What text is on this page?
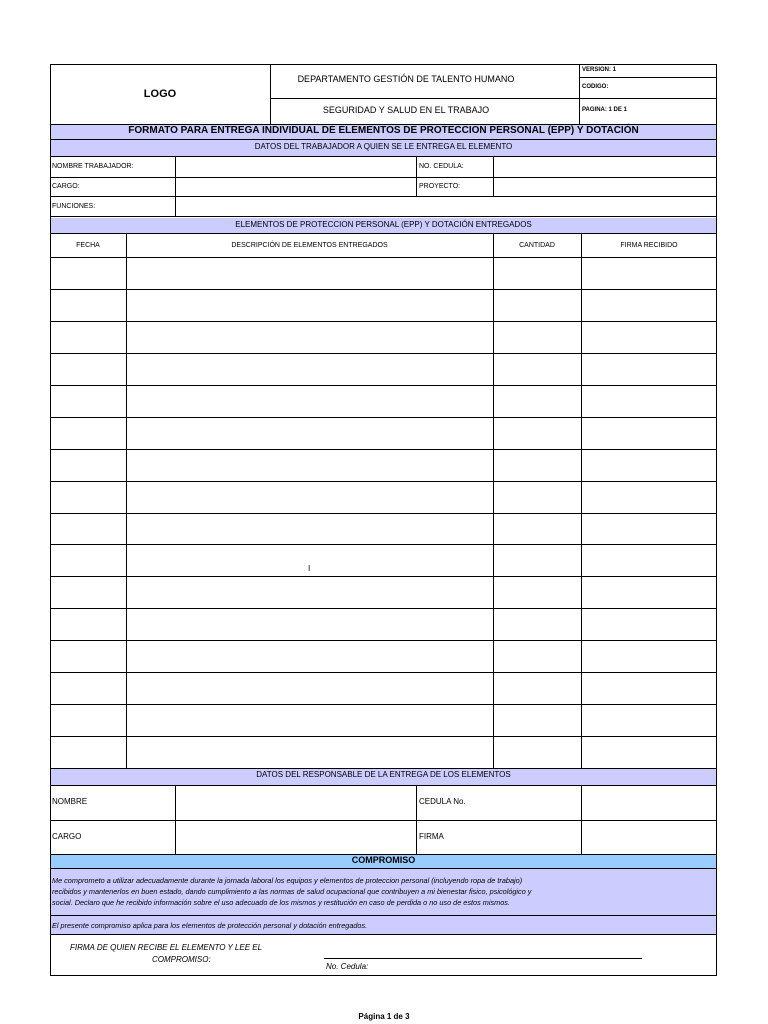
LOGO
DEPARTAMENTO GESTIÓN DE TALENTO HUMANO
SEGURIDAD Y SALUD EN EL TRABAJO
VERSION: 1
CODIGO:
PAGINA: 1 DE 1
FORMATO PARA ENTREGA INDIVIDUAL DE ELEMENTOS DE PROTECCION PERSONAL (EPP) Y DOTACIÓN
DATOS DEL TRABAJADOR A QUIEN SE LE ENTREGA EL ELEMENTO
NOMBRE TRABAJADOR:	NO. CEDULA:
CARGO:	PROYECTO:
FUNCIONES:
ELEMENTOS DE PROTECCION PERSONAL (EPP) Y DOTACIÓN ENTREGADOS
FECHA	DESCRIPCIÓN DE ELEMENTOS ENTREGADOS	CANTIDAD	FIRMA RECIBIDO
I
DATOS DEL RESPONSABLE DE LA ENTREGA DE LOS ELEMENTOS
NOMBRE	CEDULA No.
CARGO	FIRMA
COMPROMISO
Me comprometo a utilizar adecuadamente durante la jornada laboral los equipos y elementos de proteccion personal (incluyendo ropa de trabajo)
recibidos y mantenerlos en buen estado, dando cumplimiento a las normas de salud ocupacional que contribuyen a mi bienestar fisico, psicológico y
social. Declaro que he recibido información sobre el uso adecuado de los mismos y restitución en caso de perdida o no uso de estos mismos.
El presente compromiso aplica para los elementos de protección personal y dotación entregados.
FIRMA DE QUIEN RECIBE EL ELEMENTO Y LEE EL
COMPROMISO:
No. Cedula:
Página 1 de 3
